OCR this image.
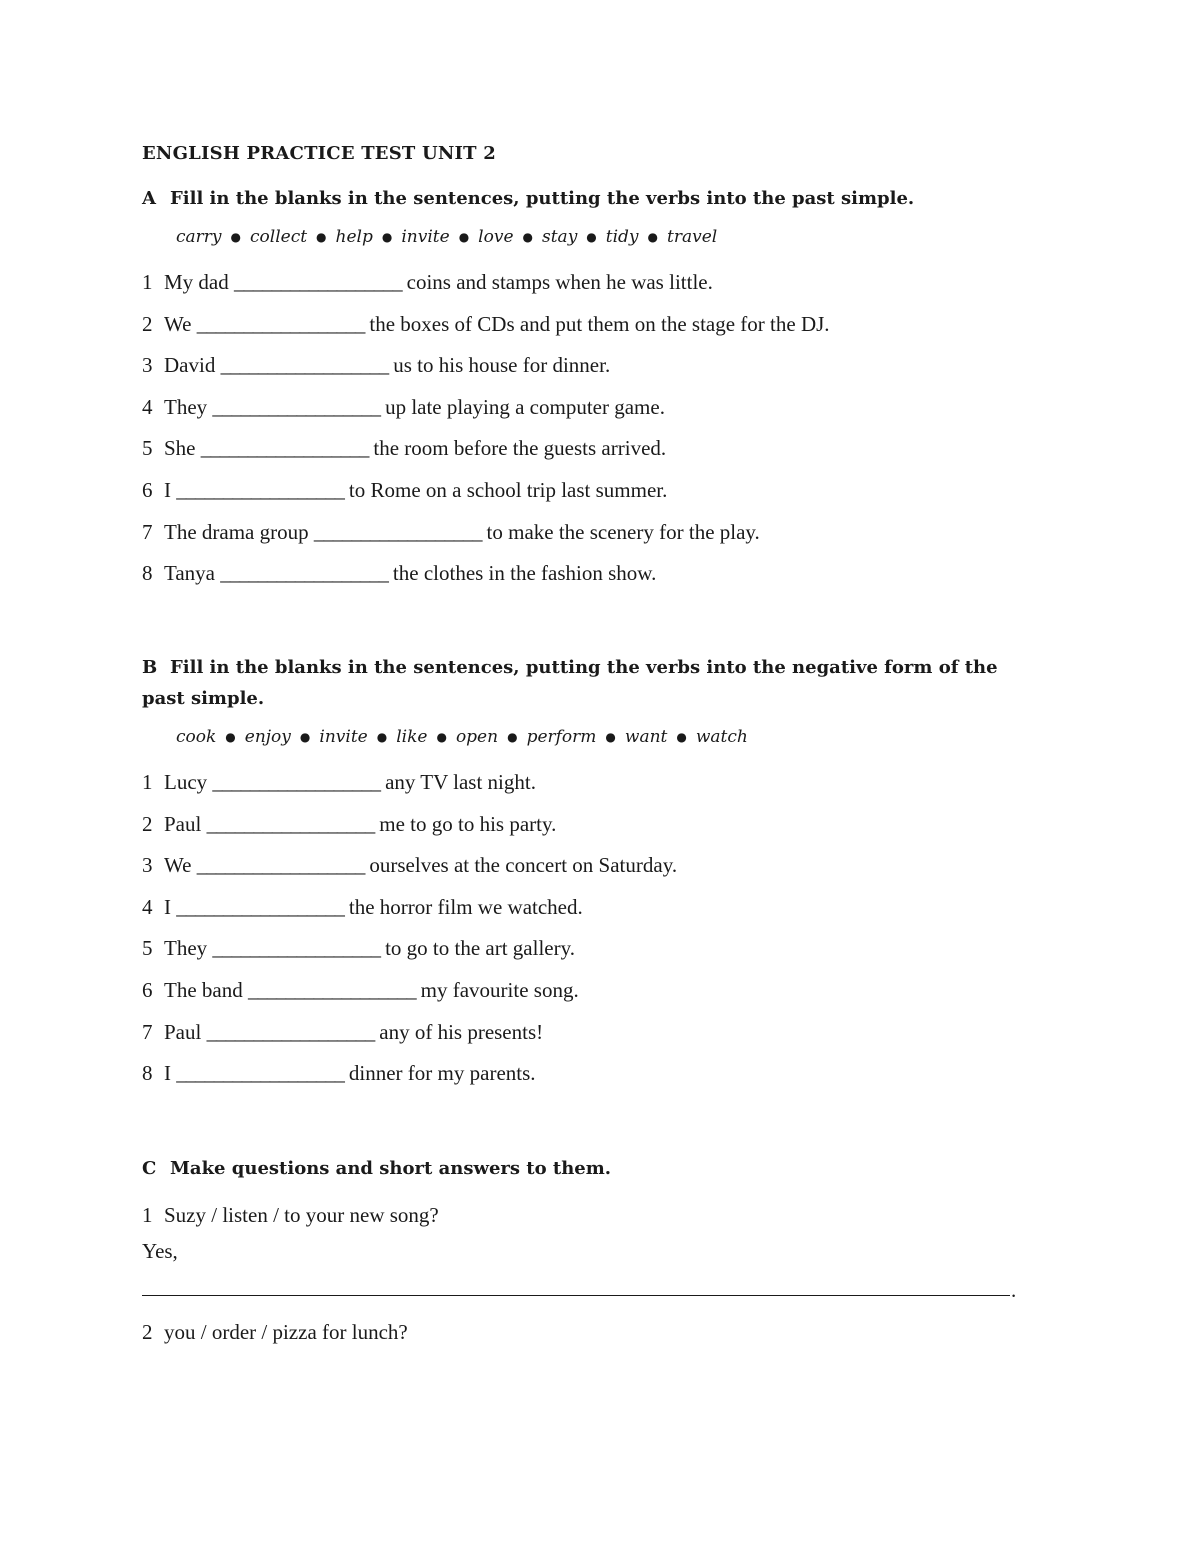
ENGLISH PRACTICE TEST UNIT 2
A Fill in the blanks in the sentences, putting the verbs into the past simple.
carry ● collect ● help ● invite ● love ● stay ● tidy ● travel
1 My dad __________________ coins and stamps when he was little.
2 We __________________ the boxes of CDs and put them on the stage for the DJ.
3 David __________________ us to his house for dinner.
4 They __________________ up late playing a computer game.
5 She __________________ the room before the guests arrived.
6 I __________________ to Rome on a school trip last summer.
7 The drama group __________________ to make the scenery for the play.
8 Tanya __________________ the clothes in the fashion show.
B Fill in the blanks in the sentences, putting the verbs into the negative form of the past simple.
cook ● enjoy ● invite ● like ● open ● perform ● want ● watch
1 Lucy __________________ any TV last night.
2 Paul __________________ me to go to his party.
3 We __________________ ourselves at the concert on Saturday.
4 I __________________ the horror film we watched.
5 They __________________ to go to the art gallery.
6 The band __________________ my favourite song.
7 Paul __________________ any of his presents!
8 I __________________ dinner for my parents.
C Make questions and short answers to them.
1 Suzy / listen / to your new song?
Yes,
.
2 you / order / pizza for lunch?
